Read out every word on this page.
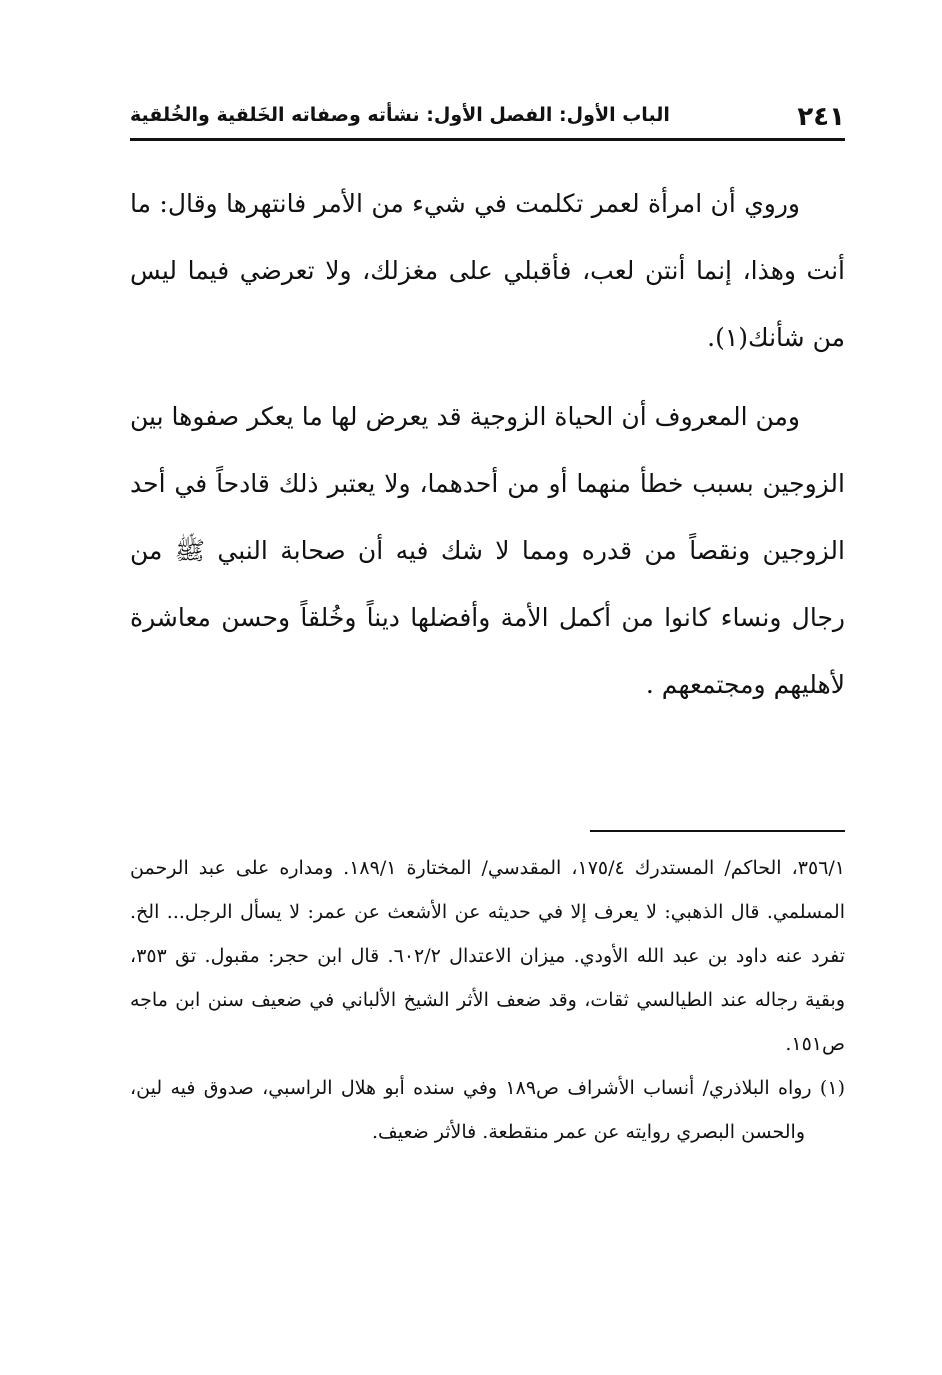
٢٤١
الباب الأول: الفصل الأول: نشأته وصفاته الخَلقية والخُلقية

وروي أن امرأة لعمر تكلمت في شيء من الأمر فانتهرها وقال: ما أنت وهذا، إنما أنتن لعب، فأقبلي على مغزلك، ولا تعرضي فيما ليس من شأنك(١).

ومن المعروف أن الحياة الزوجية قد يعرض لها ما يعكر صفوها بين الزوجين بسبب خطأ منهما أو من أحدهما، ولا يعتبر ذلك قادحاً في أحد الزوجين ونقصاً من قدره ومما لا شك فيه أن صحابة النبي ﷺ من رجال ونساء كانوا من أكمل الأمة وأفضلها ديناً وخُلقاً وحسن معاشرة لأهليهم ومجتمعهم .

٣٥٦/١، الحاكم/ المستدرك ١٧٥/٤، المقدسي/ المختارة ١٨٩/١. ومداره على عبد الرحمن المسلمي. قال الذهبي: لا يعرف إلا في حديثه عن الأشعث عن عمر: لا يسأل الرجل... الخ. تفرد عنه داود بن عبد الله الأودي. ميزان الاعتدال ٦٠٢/٢. قال ابن حجر: مقبول. تق ٣٥٣، وبقية رجاله عند الطيالسي ثقات، وقد ضعف الأثر الشيخ الألباني في ضعيف سنن ابن ماجه ص١٥١.

(١) رواه البلاذري/ أنساب الأشراف ص١٨٩ وفي سنده أبو هلال الراسبي، صدوق فيه لين، والحسن البصري روايته عن عمر منقطعة. فالأثر ضعيف.
